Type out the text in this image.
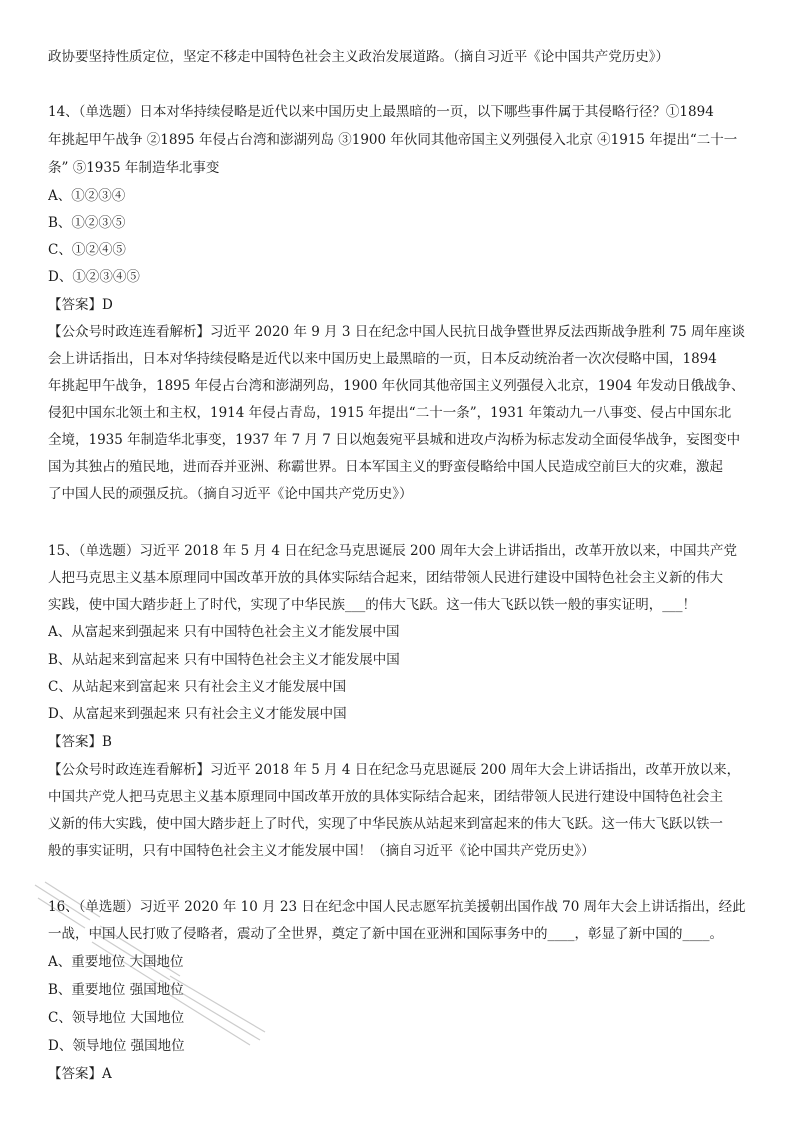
政协要坚持性质定位，坚定不移走中国特色社会主义政治发展道路。（摘自习近平《论中国共产党历史》）
14、（单选题）日本对华持续侵略是近代以来中国历史上最黑暗的一页，以下哪些事件属于其侵略行径？①1894
年挑起甲午战争 ②1895 年侵占台湾和澎湖列岛 ③1900 年伙同其他帝国主义列强侵入北京 ④1915 年提出“二十一
条” ⑤1935 年制造华北事变
A、①②③④
B、①②③⑤
C、①②④⑤
D、①②③④⑤
【答案】D
【公众号时政连连看解析】习近平 2020 年 9 月 3 日在纪念中国人民抗日战争暨世界反法西斯战争胜利 75 周年座谈
会上讲话指出，日本对华持续侵略是近代以来中国历史上最黑暗的一页，日本反动统治者一次次侵略中国，1894
年挑起甲午战争，1895 年侵占台湾和澎湖列岛，1900 年伙同其他帝国主义列强侵入北京，1904 年发动日俄战争、
侵犯中国东北领土和主权，1914 年侵占青岛，1915 年提出“二十一条”，1931 年策动九一八事变、侵占中国东北
全境，1935 年制造华北事变，1937 年 7 月 7 日以炮轰宛平县城和进攻卢沟桥为标志发动全面侵华战争，妄图变中
国为其独占的殖民地，进而吞并亚洲、称霸世界。日本军国主义的野蛮侵略给中国人民造成空前巨大的灾难，激起
了中国人民的顽强反抗。（摘自习近平《论中国共产党历史》）
15、（单选题）习近平 2018 年 5 月 4 日在纪念马克思诞辰 200 周年大会上讲话指出，改革开放以来，中国共产党
人把马克思主义基本原理同中国改革开放的具体实际结合起来，团结带领人民进行建设中国特色社会主义新的伟大
实践，使中国大踏步赶上了时代，实现了中华民族___的伟大飞跃。这一伟大飞跃以铁一般的事实证明，___！
A、从富起来到强起来 只有中国特色社会主义才能发展中国
B、从站起来到富起来 只有中国特色社会主义才能发展中国
C、从站起来到富起来 只有社会主义才能发展中国
D、从富起来到强起来 只有社会主义才能发展中国
【答案】B
【公众号时政连连看解析】习近平 2018 年 5 月 4 日在纪念马克思诞辰 200 周年大会上讲话指出，改革开放以来，
中国共产党人把马克思主义基本原理同中国改革开放的具体实际结合起来，团结带领人民进行建设中国特色社会主
义新的伟大实践，使中国大踏步赶上了时代，实现了中华民族从站起来到富起来的伟大飞跃。这一伟大飞跃以铁一
般的事实证明，只有中国特色社会主义才能发展中国！（摘自习近平《论中国共产党历史》）
16、（单选题）习近平 2020 年 10 月 23 日在纪念中国人民志愿军抗美援朝出国作战 70 周年大会上讲话指出，经此
一战，中国人民打败了侵略者，震动了全世界，奠定了新中国在亚洲和国际事务中的____，彰显了新中国的____。
A、重要地位 大国地位
B、重要地位 强国地位
C、领导地位 大国地位
D、领导地位 强国地位
【答案】A
